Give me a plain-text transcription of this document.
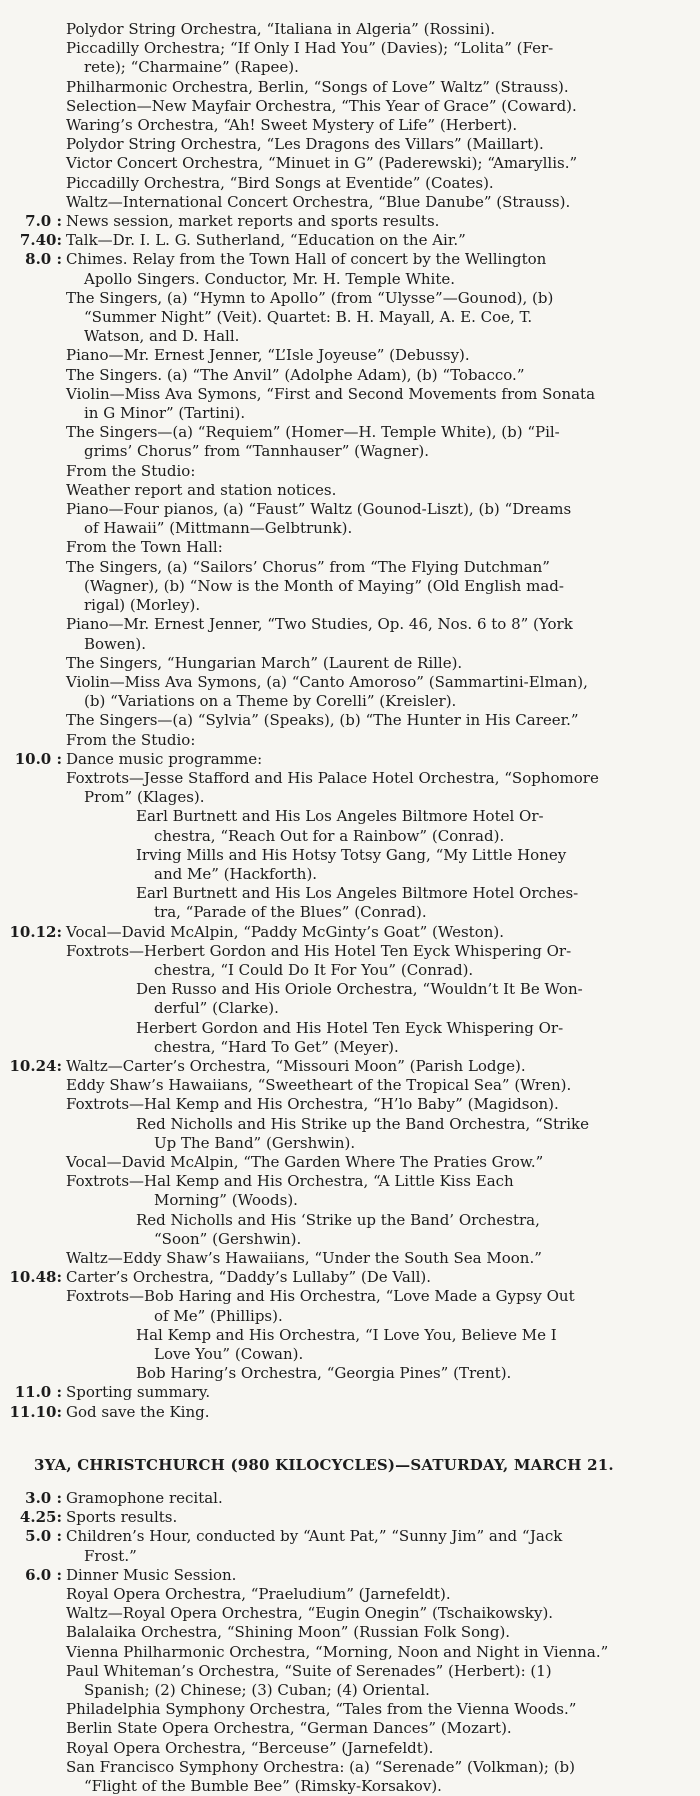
Polydor String Orchestra, “Italiana in Algeria” (Rossini).
Piccadilly Orchestra; “If Only I Had You” (Davies); “Lolita” (Fer-
rete); “Charmaine” (Rapee).
Philharmonic Orchestra, Berlin, “Songs of Love” Waltz” (Strauss).
Selection—New Mayfair Orchestra, “This Year of Grace” (Coward).
Waring’s Orchestra, “Ah! Sweet Mystery of Life” (Herbert).
Polydor String Orchestra, “Les Dragons des Villars” (Maillart).
Victor Concert Orchestra, “Minuet in G” (Paderewski); “Amaryllis.”
Piccadilly Orchestra, “Bird Songs at Eventide” (Coates).
Waltz—International Concert Orchestra, “Blue Danube” (Strauss).
7.0 : News session, market reports and sports results.
7.40: Talk—Dr. I. L. G. Sutherland, “Education on the Air.”
8.0 : Chimes. Relay from the Town Hall of concert by the Wellington
Apollo Singers. Conductor, Mr. H. Temple White.
The Singers, (a) “Hymn to Apollo” (from “Ulysse”—Gounod), (b)
“Summer Night” (Veit). Quartet: B. H. Mayall, A. E. Coe, T.
Watson, and D. Hall.
Piano—Mr. Ernest Jenner, “L’Isle Joyeuse” (Debussy).
The Singers. (a) “The Anvil” (Adolphe Adam), (b) “Tobacco.”
Violin—Miss Ava Symons, “First and Second Movements from Sonata
in G Minor” (Tartini).
The Singers—(a) “Requiem” (Homer—H. Temple White), (b) “Pil-
grims’ Chorus” from “Tannhauser” (Wagner).
From the Studio:
Weather report and station notices.
Piano—Four pianos, (a) “Faust” Waltz (Gounod-Liszt), (b) “Dreams
of Hawaii” (Mittmann—Gelbtrunk).
From the Town Hall:
The Singers, (a) “Sailors’ Chorus” from “The Flying Dutchman”
(Wagner), (b) “Now is the Month of Maying” (Old English mad-
rigal) (Morley).
Piano—Mr. Ernest Jenner, “Two Studies, Op. 46, Nos. 6 to 8” (York
Bowen).
The Singers, “Hungarian March” (Laurent de Rille).
Violin—Miss Ava Symons, (a) “Canto Amoroso” (Sammartini-Elman),
(b) “Variations on a Theme by Corelli” (Kreisler).
The Singers—(a) “Sylvia” (Speaks), (b) “The Hunter in His Career.”
From the Studio:
10.0 : Dance music programme:
Foxtrots—Jesse Stafford and His Palace Hotel Orchestra, “Sophomore
Prom” (Klages).
Earl Burtnett and His Los Angeles Biltmore Hotel Or-
chestra, “Reach Out for a Rainbow” (Conrad).
Irving Mills and His Hotsy Totsy Gang, “My Little Honey
and Me” (Hackforth).
Earl Burtnett and His Los Angeles Biltmore Hotel Orches-
tra, “Parade of the Blues” (Conrad).
10.12: Vocal—David McAlpin, “Paddy McGinty’s Goat” (Weston).
Foxtrots—Herbert Gordon and His Hotel Ten Eyck Whispering Or-
chestra, “I Could Do It For You” (Conrad).
Den Russo and His Oriole Orchestra, “Wouldn’t It Be Won-
derful” (Clarke).
Herbert Gordon and His Hotel Ten Eyck Whispering Or-
chestra, “Hard To Get” (Meyer).
10.24: Waltz—Carter’s Orchestra, “Missouri Moon” (Parish Lodge).
Eddy Shaw’s Hawaiians, “Sweetheart of the Tropical Sea” (Wren).
Foxtrots—Hal Kemp and His Orchestra, “H’lo Baby” (Magidson).
Red Nicholls and His Strike up the Band Orchestra, “Strike
Up The Band” (Gershwin).
Vocal—David McAlpin, “The Garden Where The Praties Grow.”
Foxtrots—Hal Kemp and His Orchestra, “A Little Kiss Each
Morning” (Woods).
Red Nicholls and His ‘Strike up the Band’ Orchestra,
“Soon” (Gershwin).
Waltz—Eddy Shaw’s Hawaiians, “Under the South Sea Moon.”
10.48: Carter’s Orchestra, “Daddy’s Lullaby” (De Vall).
Foxtrots—Bob Haring and His Orchestra, “Love Made a Gypsy Out
of Me” (Phillips).
Hal Kemp and His Orchestra, “I Love You, Believe Me I
Love You” (Cowan).
Bob Haring’s Orchestra, “Georgia Pines” (Trent).
11.0 : Sporting summary.
11.10: God save the King.
3YA, CHRISTCHURCH (980 KILOCYCLES)—SATURDAY, MARCH 21.
3.0 : Gramophone recital.
4.25: Sports results.
5.0 : Children’s Hour, conducted by “Aunt Pat,” “Sunny Jim” and “Jack
Frost.”
6.0 : Dinner Music Session.
Royal Opera Orchestra, “Praeludium” (Jarnefeldt).
Waltz—Royal Opera Orchestra, “Eugin Onegin” (Tschaikowsky).
Balalaika Orchestra, “Shining Moon” (Russian Folk Song).
Vienna Philharmonic Orchestra, “Morning, Noon and Night in Vienna.”
Paul Whiteman’s Orchestra, “Suite of Serenades” (Herbert): (1)
Spanish; (2) Chinese; (3) Cuban; (4) Oriental.
Philadelphia Symphony Orchestra, “Tales from the Vienna Woods.”
Berlin State Opera Orchestra, “German Dances” (Mozart).
Royal Opera Orchestra, “Berceuse” (Jarnefeldt).
San Francisco Symphony Orchestra: (a) “Serenade” (Volkman); (b)
“Flight of the Bumble Bee” (Rimsky-Korsakov).
